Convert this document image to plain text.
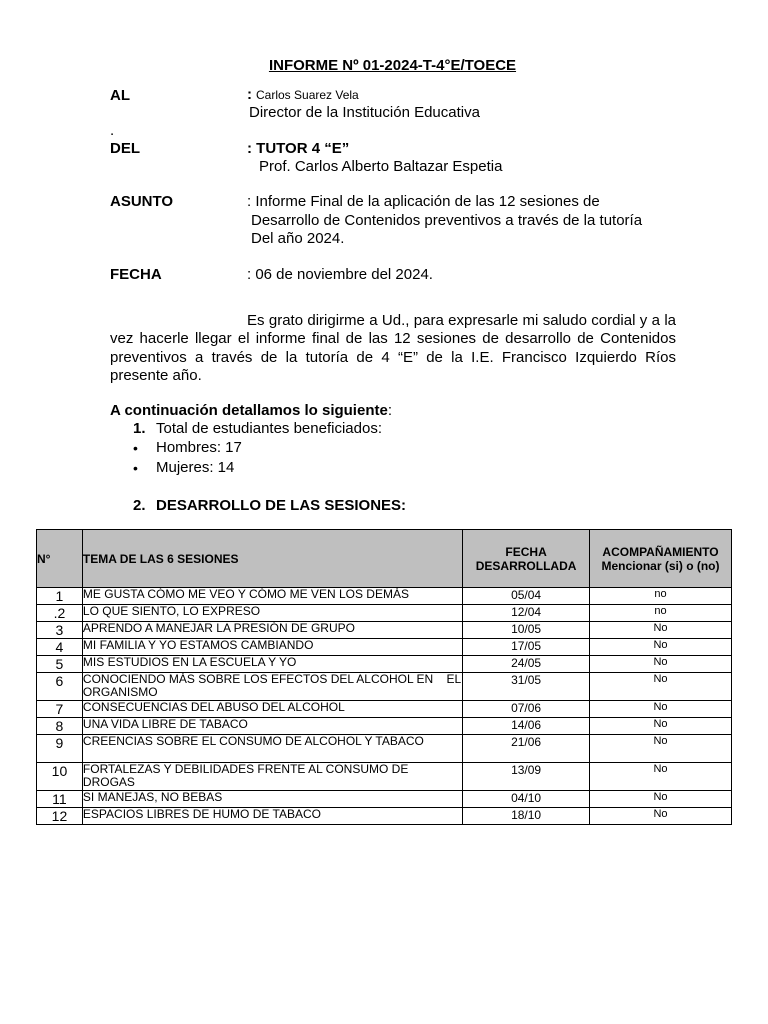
INFORME Nº 01-2024-T-4°E/TOECE
AL	: Carlos Suarez Vela
Director de la Institución Educativa
.
DEL	: TUTOR 4 “E”
Prof. Carlos Alberto Baltazar Espetia
ASUNTO	: Informe Final de la aplicación de las 12 sesiones de
Desarrollo de Contenidos preventivos a través de la tutoría
Del año 2024.
FECHA	: 06 de noviembre del 2024.
Es grato dirigirme a Ud., para expresarle mi saludo cordial y a la vez hacerle llegar el informe final de las 12 sesiones de desarrollo de Contenidos preventivos a través de la tutoría de 4 “E” de la I.E. Francisco Izquierdo Ríos presente año.
A continuación detallamos lo siguiente:
1. Total de estudiantes beneficiados:
• Hombres: 17
• Mujeres: 14
2. DESARROLLO DE LAS SESIONES:
N°	TEMA DE LAS 6 SESIONES	FECHA DESARROLLADA	ACOMPAÑAMIENTO
Mencionar (si) o (no)

1	ME GUSTA CÓMO ME VEO Y CÓMO ME VEN LOS DEMÁS	05/04	no
.2	LO QUE SIENTO, LO EXPRESO	12/04	no
3	APRENDO A MANEJAR LA PRESIÓN DE GRUPO	10/05	No
4	MI FAMILIA Y YO ESTAMOS CAMBIANDO	17/05	No
5	MIS ESTUDIOS EN LA ESCUELA Y YO	24/05	No
6	CONOCIENDO MÁS SOBRE LOS EFECTOS DEL ALCOHOL EN    EL ORGANISMO	31/05	No
7	CONSECUENCIAS DEL ABUSO DEL ALCOHOL	07/06	No
8	UNA VIDA LIBRE DE TABACO	14/06	No
9	CREENCIAS SOBRE EL CONSUMO DE ALCOHOL Y TABACO	21/06	No
10	FORTALEZAS Y DEBILIDADES FRENTE AL CONSUMO DE DROGAS	13/09	No
11	SI MANEJAS, NO BEBAS	04/10	No
12	ESPACIOS LIBRES DE HUMO DE TABACO	18/10	No
